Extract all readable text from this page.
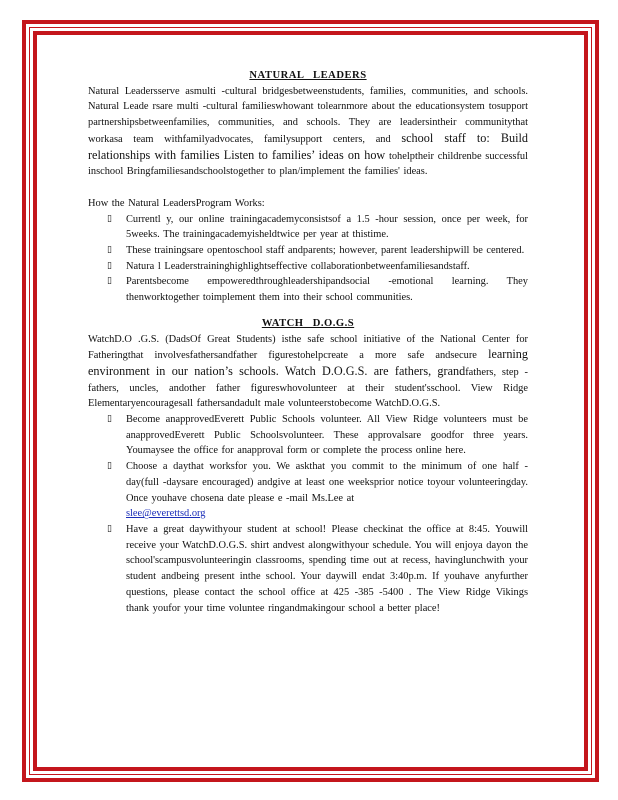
NATURAL LEADERS

Natural Leadersserve asmulti -cultural bridgesbetweenstudents, families, communities, and schools. Natural Leade rsare multi -cultural familieswhowant tolearnmore about the educationsystem tosupport partnershipsbetweenfamilies, communities, and schools. They are leadersintheir communitythat workasa team withfamilyadvocates, familysupport centers, and school staff to: Build relationships with families Listen to families’ ideas on how tohelptheir childrenbe successful inschool Bringfamiliesandschoolstogether to plan/implement the families' ideas.

How the Natural LeadersProgram Works:

▯ Currentl y, our online trainingacademyconsistsof a 1.5 -hour session, once per week, for 5weeks. The trainingacademyisheldtwice per year at thistime.
▯ These trainingsare opentoschool staff andparents; however, parent leadershipwill be centered.
▯ Natura l Leaderstraininghighlightseffective collaborationbetweenfamiliesandstaff.
▯ Parentsbecome empoweredthroughleadershipandsocial -emotional learning. They thenworktogether toimplement them into their school communities.
WATCH D.O.G.S

WatchD.O .G.S. (DadsOf Great Students) isthe safe school initiative of the National Center for Fatheringthat involvesfathersandfather figurestohelpcreate a more safe andsecure learning environment in our nation’s schools. Watch D.O.G.S. are fathers, grandfathers, step -fathers, uncles, andother father figureswhovolunteer at their student'sschool. View Ridge Elementaryencouragesall fathersandadult male volunteerstobecome WatchD.O.G.S.

▯ Become anapprovedEverett Public Schools volunteer. All View Ridge volunteers must be anapprovedEverett Public Schoolsvolunteer. These approvalsare goodfor three years. Youmaysee the office for anapproval form or complete the process online here.
▯ Choose a daythat worksfor you. We askthat you commit to the minimum of one half -day(full -daysare encouraged) andgive at least one weeksprior notice toyour volunteeringday. Once youhave chosena date please e -mail Ms.Lee at
slee@everettsd.org
▯ Have a great daywithyour student at school! Please checkinat the office at 8:45. Youwill receive your WatchD.O.G.S. shirt andvest alongwithyour schedule. You will enjoya dayon the school'scampusvolunteeringin classrooms, spending time out at recess, havinglunchwith your student andbeing present inthe school. Your daywill endat 3:40p.m. If youhave anyfurther questions, please contact the school office at 425 -385 -5400 . The View Ridge Vikings thank youfor your time voluntee ringandmakingour school a better place!
